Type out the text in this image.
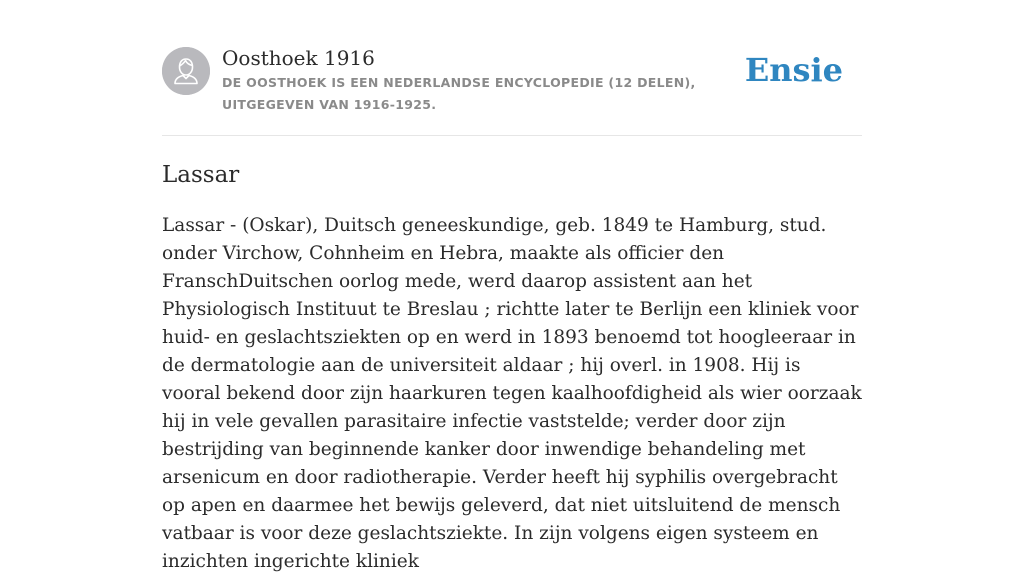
Oosthoek 1916

DE OOSTHOEK IS EEN NEDERLANDSE ENCYCLOPEDIE (12 DELEN), UITGEGEVEN VAN 1916-1925.

Ensie
Lassar

Lassar - (Oskar), Duitsch geneeskundige, geb. 1849 te Hamburg, stud. onder Virchow, Cohnheim en Hebra, maakte als officier den FranschDuitschen oorlog mede, werd daarop assistent aan het Physiologisch Instituut te Breslau ; richtte later te Berlijn een kliniek voor huid- en geslachtsziekten op en werd in 1893 benoemd tot hoogleeraar in de dermatologie aan de universiteit aldaar ; hij overl. in 1908. Hij is vooral bekend door zijn haarkuren tegen kaalhoofdigheid als wier oorzaak hij in vele gevallen parasitaire infectie vaststelde; verder door zijn bestrijding van beginnende kanker door inwendige behandeling met arsenicum en door radiotherapie. Verder heeft hij syphilis overgebracht op apen en daarmee het bewijs geleverd, dat niet uitsluitend de mensch vatbaar is voor deze geslachtsziekte. In zijn volgens eigen systeem en inzichten ingerichte kliniek
